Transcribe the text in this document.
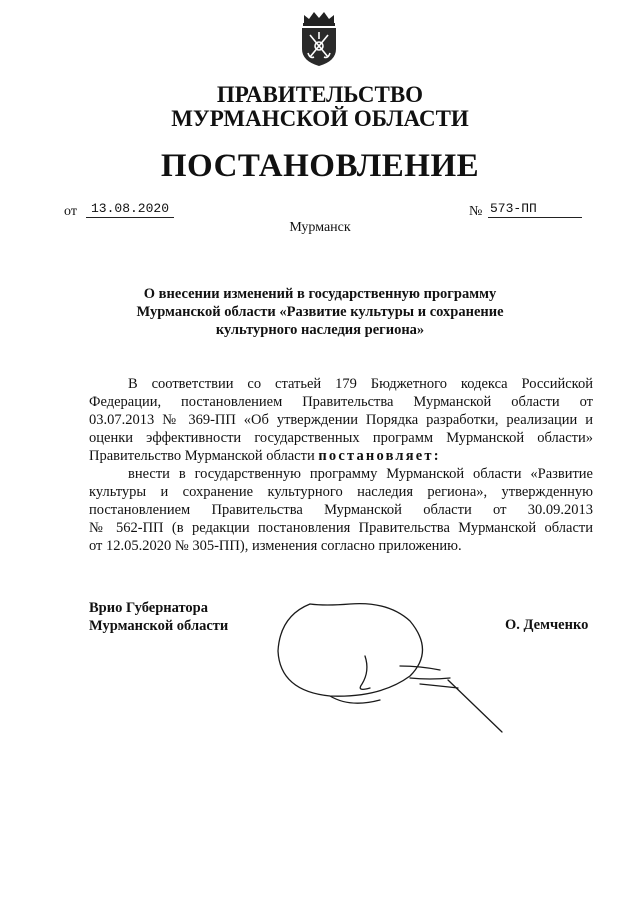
ПРАВИТЕЛЬСТВО
МУРМАНСКОЙ ОБЛАСТИ
ПОСТАНОВЛЕНИЕ
от	13.08.2020	№ 573-ПП
Мурманск
О внесении изменений в государственную программу
Мурманской области «Развитие культуры и сохранение
культурного наследия региона»
В соответствии со статьей 179 Бюджетного кодекса Российской
Федерации, постановлением Правительства Мурманской области от
03.07.2013 № 369-ПП «Об утверждении Порядка разработки, реализации и
оценки эффективности государственных программ Мурманской области»
Правительство Мурманской области постановляет:
внести в государственную программу Мурманской области «Развитие
культуры и сохранение культурного наследия региона», утвержденную
постановлением Правительства Мурманской области от 30.09.2013
№ 562-ПП (в редакции постановления Правительства Мурманской области
от 12.05.2020 № 305-ПП), изменения согласно приложению.
Врио Губернатора
Мурманской области	О. Демченко
